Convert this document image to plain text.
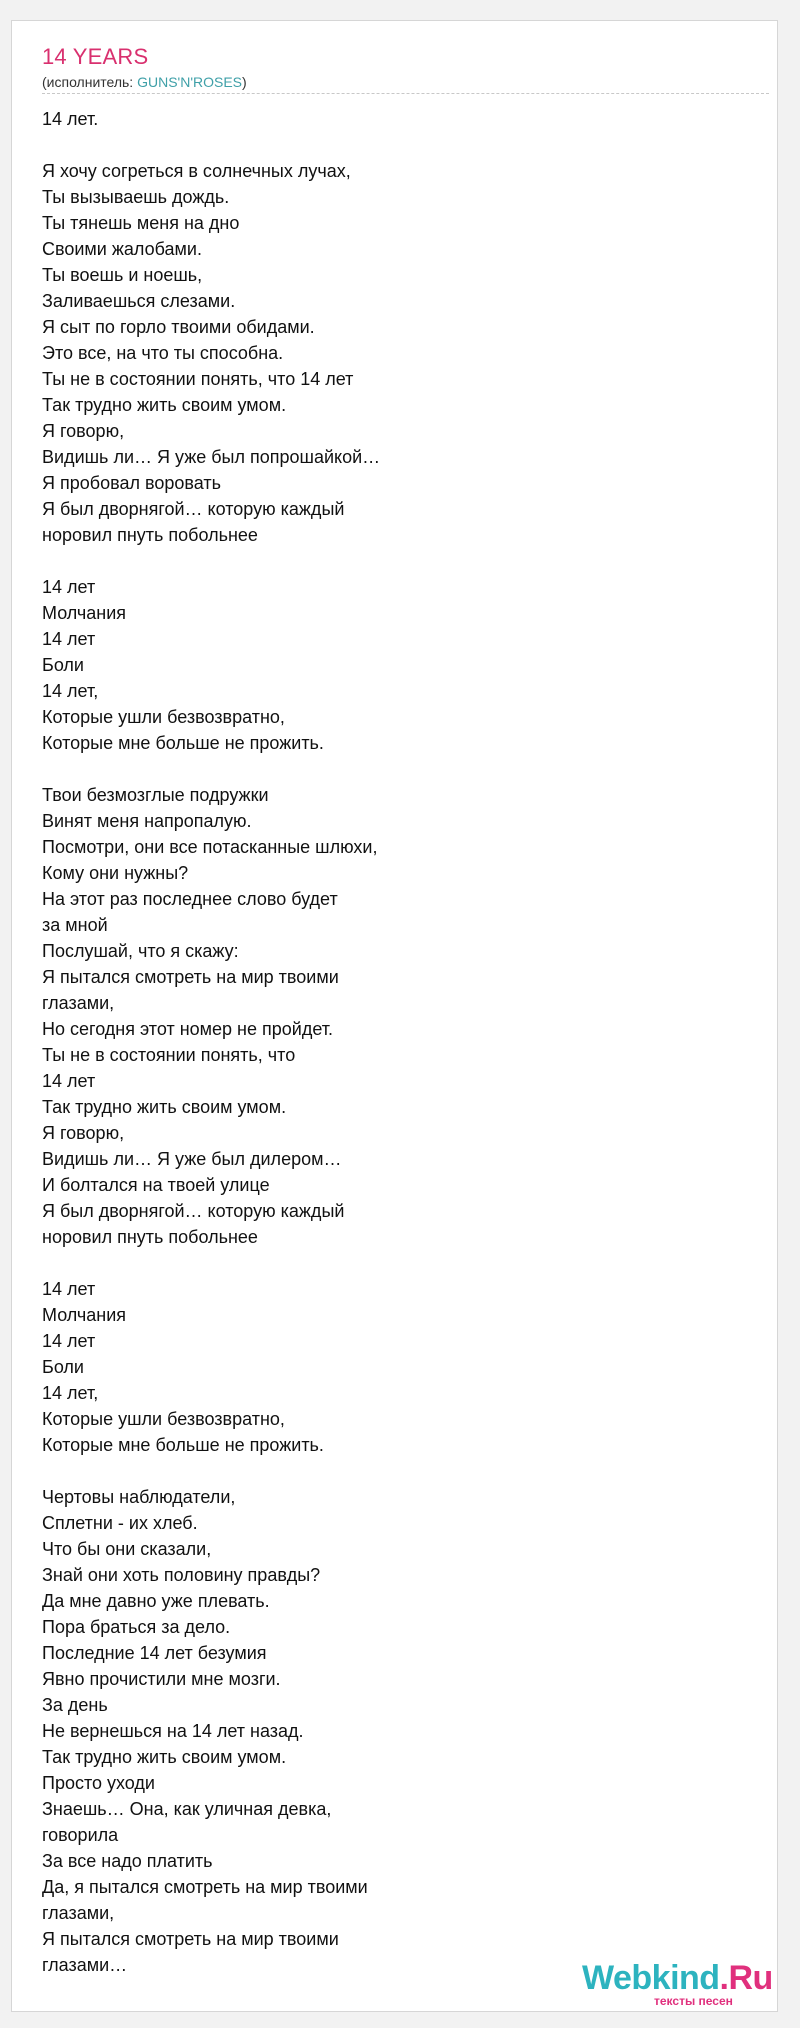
14 YEARS
(исполнитель: GUNS'N'ROSES)
14 лет.

Я хочу согреться в солнечных лучах,
Ты вызываешь дождь.
Ты тянешь меня на дно
Своими жалобами.
Ты воешь и ноешь,
Заливаешься слезами.
Я сыт по горло твоими обидами.
Это все, на что ты способна.
Ты не в состоянии понять, что 14 лет
Так трудно жить своим умом.
Я говорю,
Видишь ли… Я уже был попрошайкой…
Я пробовал воровать
Я был дворнягой… которую каждый
норовил пнуть побольнее

14 лет
Молчания
14 лет
Боли
14 лет,
Которые ушли безвозвратно,
Которые мне больше не прожить.

Твои безмозглые подружки
Винят меня напропалую.
Посмотри, они все потасканные шлюхи,
Кому они нужны?
На этот раз последнее слово будет
за мной
Послушай, что я скажу:
Я пытался смотреть на мир твоими
глазами,
Но сегодня этот номер не пройдет.
Ты не в состоянии понять, что
14 лет
Так трудно жить своим умом.
Я говорю,
Видишь ли… Я уже был дилером…
И болтался на твоей улице
Я был дворнягой… которую каждый
норовил пнуть побольнее

14 лет
Молчания
14 лет
Боли
14 лет,
Которые ушли безвозвратно,
Которые мне больше не прожить.

Чертовы наблюдатели,
Сплетни - их хлеб.
Что бы они сказали,
Знай они хоть половину правды?
Да мне давно уже плевать.
Пора браться за дело.
Последние 14 лет безумия
Явно прочистили мне мозги.
За день
Не вернешься на 14 лет назад.
Так трудно жить своим умом.
Просто уходи
Знаешь… Она, как уличная девка,
говорила
За все надо платить
Да, я пытался смотреть на мир твоими
глазами,
Я пытался смотреть на мир твоими
глазами…	Webkind.Ru
тексты песен
